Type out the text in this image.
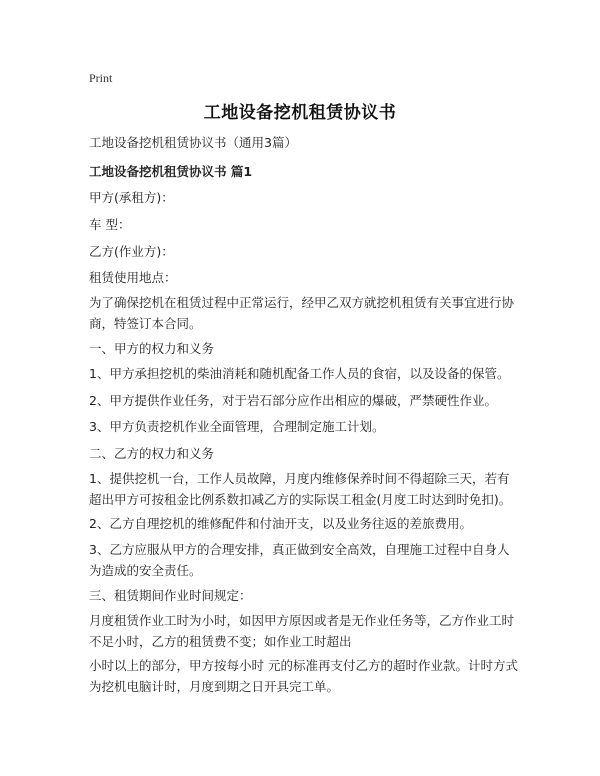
Print
工地设备挖机租赁协议书
工地设备挖机租赁协议书（通用3篇）
工地设备挖机租赁协议书 篇1
甲方(承租方)：
车 型：
乙方(作业方)：
租赁使用地点：
为了确保挖机在租赁过程中正常运行，经甲乙双方就挖机租赁有关事宜进行协商，特签订本合同。
一、甲方的权力和义务
1、甲方承担挖机的柴油消耗和随机配备工作人员的食宿，以及设备的保管。
2、甲方提供作业任务，对于岩石部分应作出相应的爆破，严禁硬性作业。
3、甲方负责挖机作业全面管理，合理制定施工计划。
二、乙方的权力和义务
1、提供挖机一台，工作人员故障，月度内维修保养时间不得超除三天，若有超出甲方可按租金比例系数扣减乙方的实际误工租金(月度工时达到时免扣)。
2、乙方自理挖机的维修配件和付油开支，以及业务往返的差旅费用。
3、乙方应服从甲方的合理安排，真正做到安全高效，自理施工过程中自身人为造成的安全责任。
三、租赁期间作业时间规定：
月度租赁作业工时为小时，如因甲方原因或者是无作业任务等，乙方作业工时不足小时，乙方的租赁费不变；如作业工时超出
小时以上的部分，甲方按每小时 元的标准再支付乙方的超时作业款。计时方式为挖机电脑计时，月度到期之日开具完工单。
